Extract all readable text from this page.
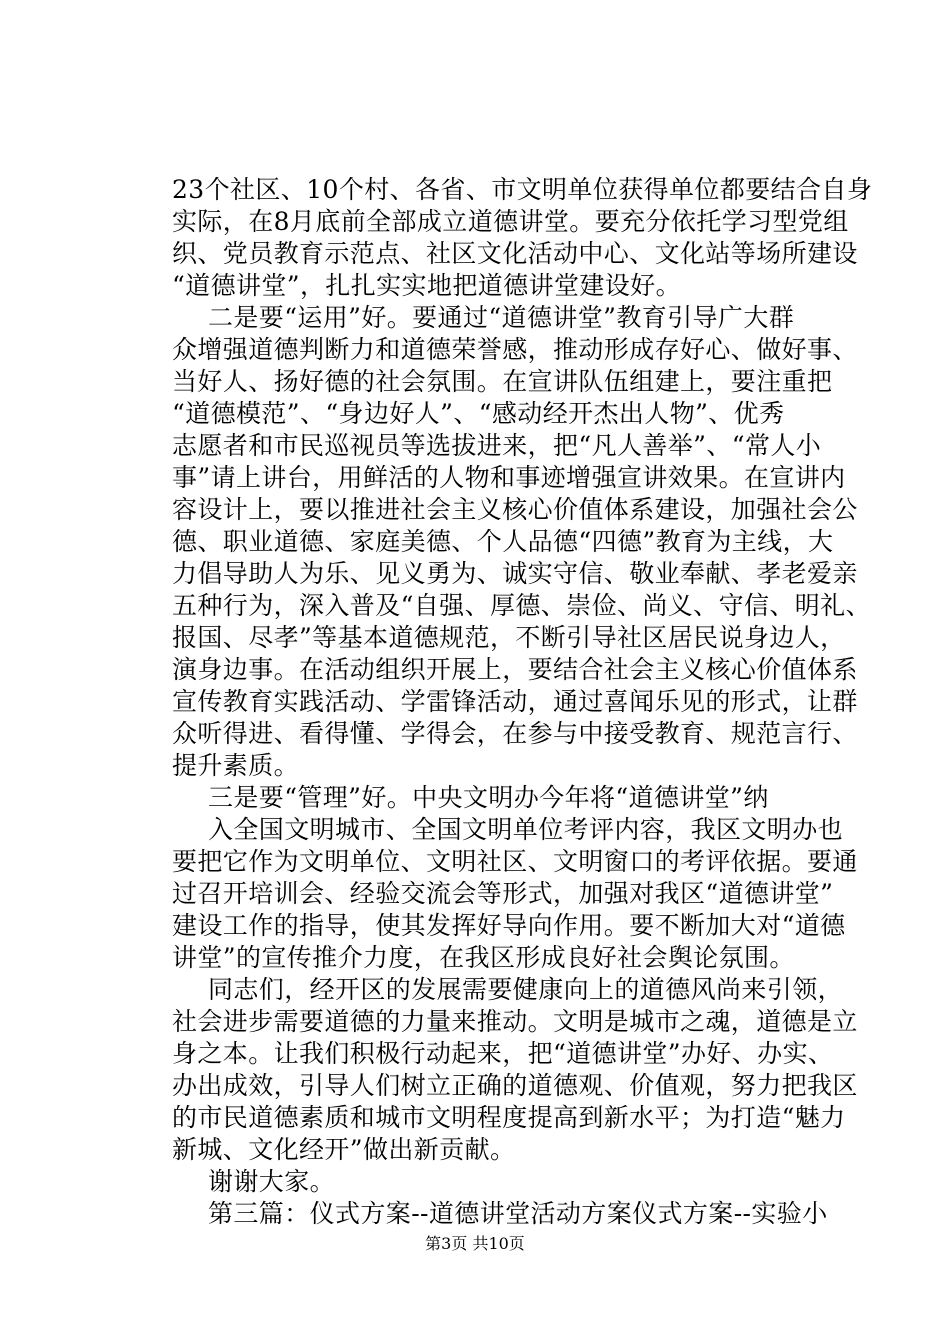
23个社区、10个村、各省、市文明单位获得单位都要结合自身
实际，在8月底前全部成立道德讲堂。要充分依托学习型党组
织、党员教育示范点、社区文化活动中心、文化站等场所建设
“道德讲堂”，扎扎实实地把道德讲堂建设好。
二是要“运用”好。要通过“道德讲堂”教育引导广大群
众增强道德判断力和道德荣誉感，推动形成存好心、做好事、
当好人、扬好德的社会氛围。在宣讲队伍组建上，要注重把
“道德模范”、“身边好人”、“感动经开杰出人物”、优秀
志愿者和市民巡视员等选拔进来，把“凡人善举”、“常人小
事”请上讲台，用鲜活的人物和事迹增强宣讲效果。在宣讲内
容设计上，要以推进社会主义核心价值体系建设，加强社会公
德、职业道德、家庭美德、个人品德“四德”教育为主线，大
力倡导助人为乐、见义勇为、诚实守信、敬业奉献、孝老爱亲
五种行为，深入普及“自强、厚德、崇俭、尚义、守信、明礼、
报国、尽孝”等基本道德规范，不断引导社区居民说身边人，
演身边事。在活动组织开展上，要结合社会主义核心价值体系
宣传教育实践活动、学雷锋活动，通过喜闻乐见的形式，让群
众听得进、看得懂、学得会，在参与中接受教育、规范言行、
提升素质。
三是要“管理”好。中央文明办今年将“道德讲堂”纳
入全国文明城市、全国文明单位考评内容，我区文明办也
要把它作为文明单位、文明社区、文明窗口的考评依据。要通
过召开培训会、经验交流会等形式，加强对我区“道德讲堂”
建设工作的指导，使其发挥好导向作用。要不断加大对“道德
讲堂”的宣传推介力度，在我区形成良好社会舆论氛围。
同志们，经开区的发展需要健康向上的道德风尚来引领，
社会进步需要道德的力量来推动。文明是城市之魂，道德是立
身之本。让我们积极行动起来，把“道德讲堂”办好、办实、
办出成效，引导人们树立正确的道德观、价值观，努力把我区
的市民道德素质和城市文明程度提高到新水平；为打造“魅力
新城、文化经开”做出新贡献。
谢谢大家。
第三篇：仪式方案--道德讲堂活动方案仪式方案--实验小
第3页 共10页
